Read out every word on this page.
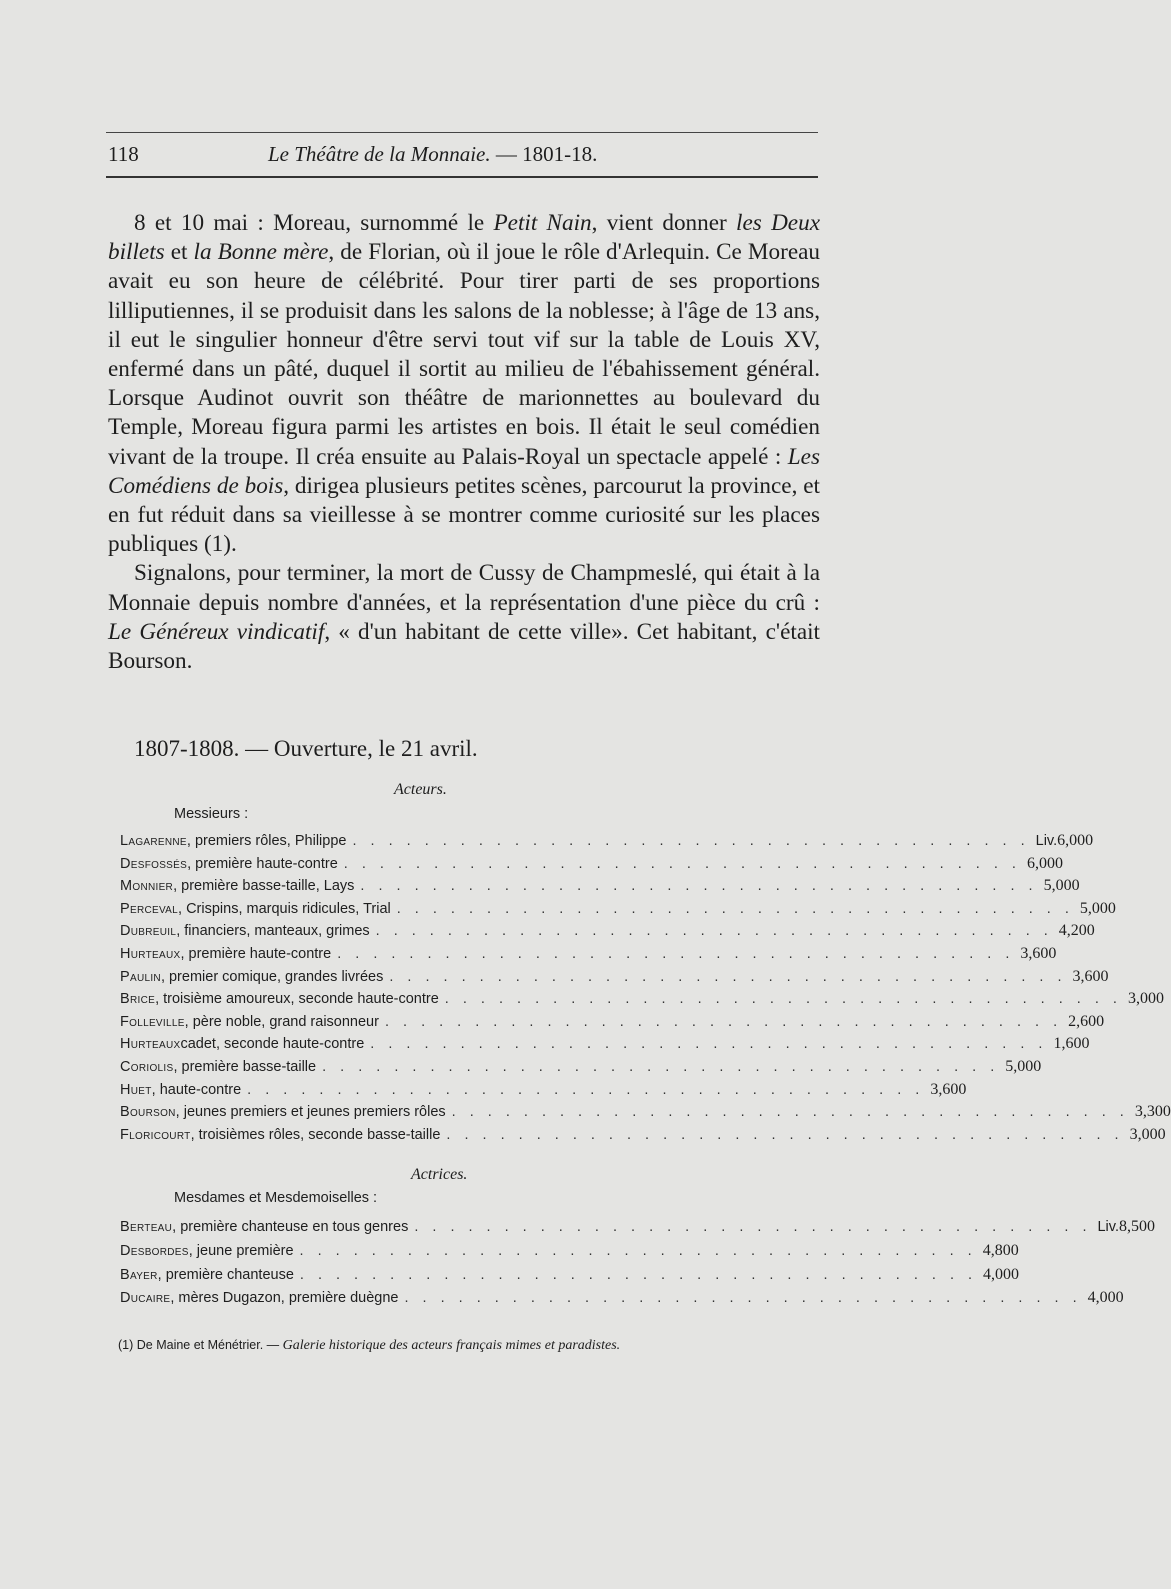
118	Le Théâtre de la Monnaie. — 1801-18.

8 et 10 mai : Moreau, surnommé le Petit Nain, vient donner les Deux billets et la Bonne mère, de Florian, où il joue le rôle d'Arlequin. Ce Moreau avait eu son heure de célébrité. Pour tirer parti de ses proportions lilliputiennes, il se produisit dans les salons de la noblesse; à l'âge de 13 ans, il eut le singulier honneur d'être servi tout vif sur la table de Louis XV, enfermé dans un pâté, duquel il sortit au milieu de l'ébahissement général. Lorsque Audinot ouvrit son théâtre de marionnettes au boulevard du Temple, Moreau figura parmi les artistes en bois. Il était le seul comédien vivant de la troupe. Il créa ensuite au Palais-Royal un spectacle appelé : Les Comédiens de bois, dirigea plusieurs petites scènes, parcourut la province, et en fut réduit dans sa vieillesse à se montrer comme curiosité sur les places publiques (1).

Signalons, pour terminer, la mort de Cussy de Champmeslé, qui était à la Monnaie depuis nombre d'années, et la représentation d'une pièce du crû : Le Généreux vindicatif, « d'un habitant de cette ville». Cet habitant, c'était Bourson.

1807-1808. — Ouverture, le 21 avril.
Acteurs.
Messieurs :
Lagarenne , premiers rôles, Philippe . . . . . . . . . . . . . . . . . . . . . . . . . . . . . . . . . . . . . . Liv. 6,000
Desfossés , première haute-contre . . . . . . . . . . . . . . . . . . . . . . . . . . . . . . . . . . . . . . 6,000
Monnier , première basse-taille, Lays . . . . . . . . . . . . . . . . . . . . . . . . . . . . . . . . . . . . . . 5,000
Perceval , Crispins, marquis ridicules, Trial . . . . . . . . . . . . . . . . . . . . . . . . . . . . . . . . . . . . . . 5,000
Dubreuil , financiers, manteaux, grimes . . . . . . . . . . . . . . . . . . . . . . . . . . . . . . . . . . . . . . 4,200
Hurteaux , première haute-contre . . . . . . . . . . . . . . . . . . . . . . . . . . . . . . . . . . . . . . 3,600
Paulin , premier comique, grandes livrées . . . . . . . . . . . . . . . . . . . . . . . . . . . . . . . . . . . . . . 3,600
Brice , troisième amoureux, seconde haute-contre . . . . . . . . . . . . . . . . . . . . . . . . . . . . . . . . . . . . . . 3,000
Folleville , père noble, grand raisonneur . . . . . . . . . . . . . . . . . . . . . . . . . . . . . . . . . . . . . . 2,600
Hurteaux cadet, seconde haute-contre . . . . . . . . . . . . . . . . . . . . . . . . . . . . . . . . . . . . . . 1,600
Coriolis , première basse-taille . . . . . . . . . . . . . . . . . . . . . . . . . . . . . . . . . . . . . . 5,000
Huet , haute-contre . . . . . . . . . . . . . . . . . . . . . . . . . . . . . . . . . . . . . . 3,600
Bourson , jeunes premiers et jeunes premiers rôles . . . . . . . . . . . . . . . . . . . . . . . . . . . . . . . . . . . . . . 3,300
Floricourt , troisièmes rôles, seconde basse-taille . . . . . . . . . . . . . . . . . . . . . . . . . . . . . . . . . . . . . . 3,000
Actrices.
Mesdames et Mesdemoiselles :
Berteau , première chanteuse en tous genres . . . . . . . . . . . . . . . . . . . . . . . . . . . . . . . . . . . . . . Liv. 8,500
Desbordes , jeune première . . . . . . . . . . . . . . . . . . . . . . . . . . . . . . . . . . . . . . 4,800
Bayer , première chanteuse . . . . . . . . . . . . . . . . . . . . . . . . . . . . . . . . . . . . . . 4,000
Ducaire , mères Dugazon, première duègne . . . . . . . . . . . . . . . . . . . . . . . . . . . . . . . . . . . . . . 4,000
(1) De Maine et Ménétrier. — Galerie historique des acteurs français mimes et paradistes.
